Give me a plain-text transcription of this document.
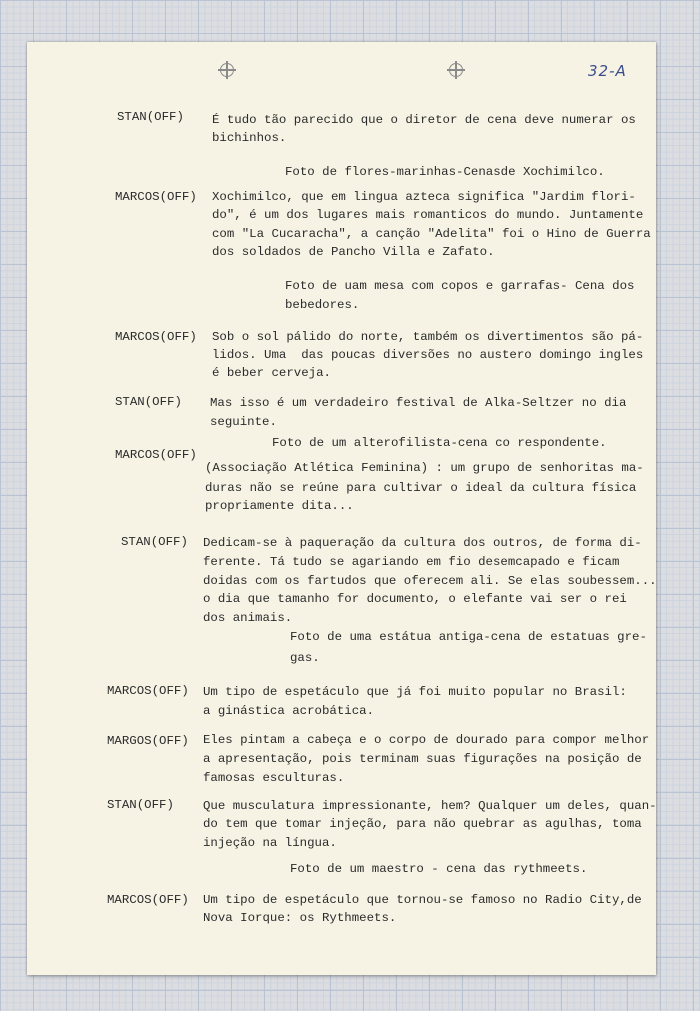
32-A
STAN(OFF)
MARCOS(OFF)
MARCOS(OFF)
STAN(OFF)
MARCOS(OFF)
STAN(OFF)
MARCOS(OFF)
MARGOS(OFF)
STAN(OFF)
MARCOS(OFF)
É tudo tão parecido que o diretor de cena deve numerar os
bichinhos.
Foto de flores-marinhas-Cenasde Xochimilco.
Xochimilco, que em lingua azteca significa "Jardim flori-
do", é um dos lugares mais romanticos do mundo. Juntamente
com "La Cucaracha", a canção "Adelita" foi o Hino de Guerra
dos soldados de Pancho Villa e Zafato.
Foto de uam mesa com copos e garrafas- Cena dos
bebedores.
Sob o sol pálido do norte, também os divertimentos são pá-
lidos. Uma  das poucas diversões no austero domingo ingles
é beber cerveja.
Mas isso é um verdadeiro festival de Alka-Seltzer no dia
seguinte.
Foto de um alterofilista-cena co respondente.
(Associação Atlética Feminina) : um grupo de senhoritas ma-
duras não se reúne para cultivar o ideal da cultura física
propriamente dita...
Dedicam-se à paqueração da cultura dos outros, de forma di-
ferente. Tá tudo se agariando em fio desemcapado e ficam
doidas com os fartudos que oferecem ali. Se elas soubessem...
o dia que tamanho for documento, o elefante vai ser o rei
dos animais.
Foto de uma estátua antiga-cena de estatuas gre-
gas.
Um tipo de espetáculo que já foi muito popular no Brasil:
a ginástica acrobática.
Eles pintam a cabeça e o corpo de dourado para compor melhor
a apresentação, pois terminam suas figurações na posição de
famosas esculturas.
Que musculatura impressionante, hem? Qualquer um deles, quan-
do tem que tomar injeção, para não quebrar as agulhas, toma
injeção na língua.
Foto de um maestro - cena das rythmeets.
Um tipo de espetáculo que tornou-se famoso no Radio City,de
Nova Iorque: os Rythmeets.
